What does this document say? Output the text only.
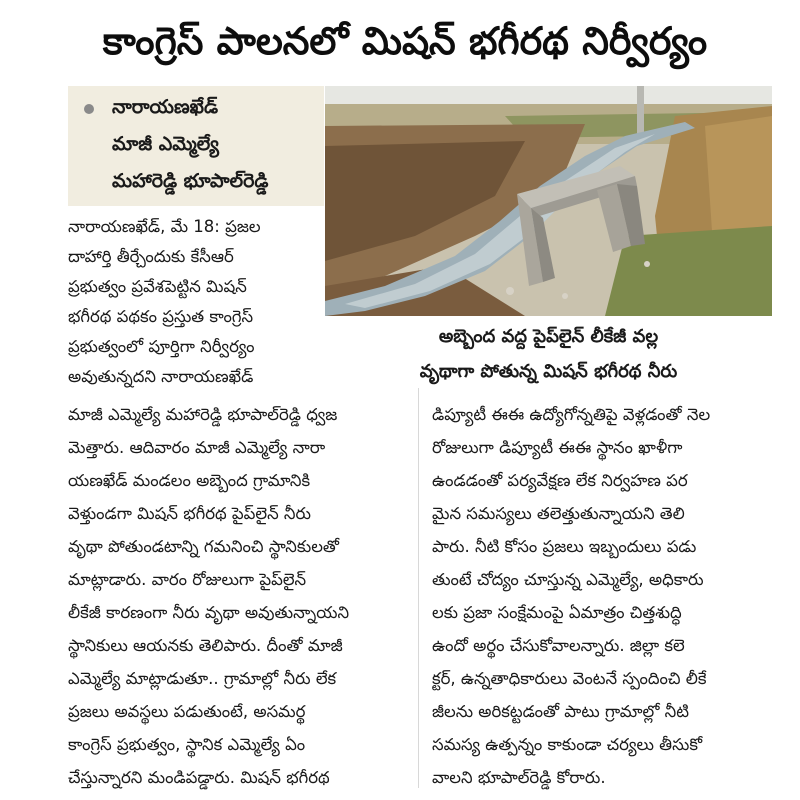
కాంగ్రెస్ పాలనలో మిషన్ భగీరథ నిర్వీర్యం
నారాయణఖేడ్
మాజీ ఎమ్మెల్యే
మహారెడ్డి భూపాల్‌రెడ్డి
అబ్బెంద వద్ద పైప్‌లైన్ లీకేజీ వల్ల
వృథాగా పోతున్న మిషన్ భగీరథ నీరు
నారాయణఖేడ్, మే 18: ప్రజల
దాహార్తి తీర్చేందుకు కేసీఆర్
ప్రభుత్వం ప్రవేశపెట్టిన మిషన్
భగీరథ పథకం ప్రస్తుత కాంగ్రెస్
ప్రభుత్వంలో పూర్తిగా నిర్వీర్యం
అవుతున్నదని నారాయణఖేడ్
మాజీ ఎమ్మెల్యే మహారెడ్డి భూపాల్‌రెడ్డి ధ్వజ
మెత్తారు. ఆదివారం మాజీ ఎమ్మెల్యే నారా
యణఖేడ్ మండలం అబ్బెంద గ్రామానికి
వెళ్తుండగా మిషన్ భగీరథ పైప్‌లైన్ నీరు
వృథా పోతుండటాన్ని గమనించి స్థానికులతో
మాట్లాడారు. వారం రోజులుగా పైప్‌లైన్
లీకేజీ కారణంగా నీరు వృథా అవుతున్నాయని
స్థానికులు ఆయనకు తెలిపారు. దీంతో మాజీ
ఎమ్మెల్యే మాట్లాడుతూ.. గ్రామాల్లో నీరు లేక
ప్రజలు అవస్థలు పడుతుంటే, అసమర్థ
కాంగ్రెస్ ప్రభుత్వం, స్థానిక ఎమ్మెల్యే ఏం
చేస్తున్నారని మండిపడ్డారు. మిషన్ భగీరథ
డిప్యూటీ ఈఈ ఉద్యోగోన్నతిపై వెళ్లడంతో నెల
రోజులుగా డిప్యూటీ ఈఈ స్థానం ఖాళీగా
ఉండడంతో పర్యవేక్షణ లేక నిర్వహణ పర
మైన సమస్యలు తలెత్తుతున్నాయని తెలి
పారు. నీటి కోసం ప్రజలు ఇబ్బందులు పడు
తుంటే చోద్యం చూస్తున్న ఎమ్మెల్యే, అధికారు
లకు ప్రజా సంక్షేమంపై ఏమాత్రం చిత్తశుద్ధి
ఉందో అర్థం చేసుకోవాలన్నారు. జిల్లా కలె
క్టర్, ఉన్నతాధికారులు వెంటనే స్పందించి లీకే
జీలను అరికట్టడంతో పాటు గ్రామాల్లో నీటి
సమస్య ఉత్పన్నం కాకుండా చర్యలు తీసుకో
వాలని భూపాల్‌రెడ్డి కోరారు.
